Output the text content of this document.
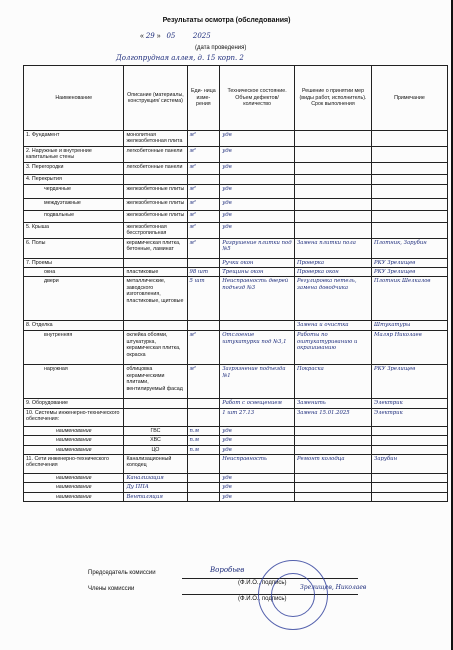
Результаты осмотра (обследования)
« 29 »   05	2025
(дата проведения)
Долгопрудная аллея, д. 15 корп. 2
Наименование	Описание (материалы, конструкция/ система)	Еди- ница изме- рения	Техническое состояние. Объем дефектов/ количество	Решение о принятии мер (виды работ, исполнитель). Срок выполнения	Примечание
1. Фундамент	монолитная железобетонная плита	м²	удв		
2. Наружные и внутренние капитальные стены	легкобетонные панели	м²	удв		
3. Перегородки	легкобетонные панели	м²	удв		
4. Перекрытия					
чердачные	железобетонные плиты	м²	удв		
междуэтажные	железобетонные плиты	м²	удв		
подвальные	железобетонные плиты	м²	удв		
5. Крыша	железобетонная бесстропильная	м²	удв		
6. Полы	керамическая плитка, бетонные, ламинат	м²	Разрушение плитки под №5	Замена плитки пола	Плотник, Зарубин
7. Проемы			Ручки окон	Проверка	РКУ Зрелищев
окна	пластиковые	98 шт	Трещины окон	Проверка окон	РКУ Зрелищев
двери	металлические, заводского изготовления, пластиковые, щитовые	5 шт	Неисправность дверей подъезд №3	Регулировка петель, замена доводчика	Плотник Шелкалов
8. Отделка				Замена и очистка	Штукатуры
внутренняя	оклейка обоями, штукатурка, керамическая плитка, окраска	м²	Отслоение штукатурки под №3,1	Работы по оштукатуриванию и окрашиванию	Маляр Николаев
наружная	облицовка керамическими плитами, вентилируемый фасад	м²	Загрязнение подъезда №1	Покраска	РКУ Зрелищев
9. Оборудование			Работ с освещением	Заменить	Электрик
10. Системы инженерно-технического обеспечения:			1 шт 27.13	Замена 15.01.2025	Электрик
наименование	ГВС	п.м	удв		
наименование	ХВС	п.м	удв		
наименование	ЦО	п.м	удв		
11. Сети инженерно-технического обеспечения	Канализационный колодец		Неисправность	Ремонт колодца	Зарубин
наименование	Канализация		удв		
наименование	Ду ППА		удв		
наименование	Вентиляция		удв		
Председатель комиссии	Воробьев
(Ф.И.О., подпись)
Члены комиссии	Зрелищев, Николаев
(Ф.И.О., подпись)
